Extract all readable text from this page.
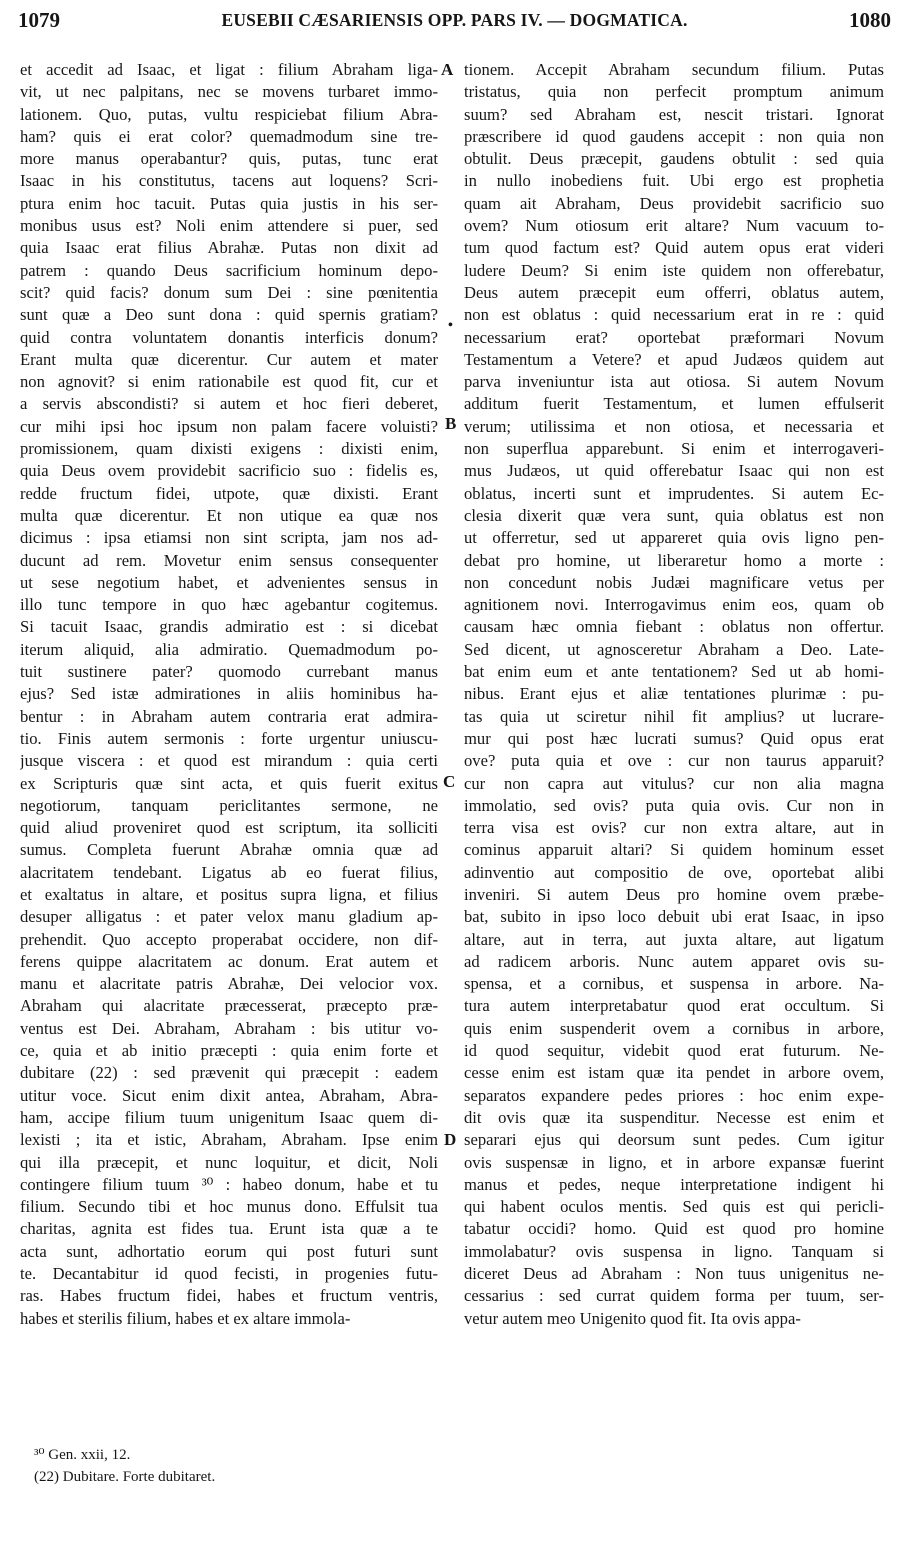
1079	EUSEBII CÆSARIENSIS OPP. PARS IV. — DOGMATICA.	1080
et accedit ad Isaac, et ligat : filium Abraham liga-
vit, ut nec palpitans, nec se movens turbaret immo-
lationem. Quo, putas, vultu respiciebat filium Abra-
ham? quis ei erat color? quemadmodum sine tre-
more manus operabantur? quis, putas, tunc erat
Isaac in his constitutus, tacens aut loquens? Scri-
ptura enim hoc tacuit. Putas quia justis in his ser-
monibus usus est? Noli enim attendere si puer, sed
quia Isaac erat filius Abrahæ. Putas non dixit ad
patrem : quando Deus sacrificium hominum depo-
scit? quid facis? donum sum Dei : sine pœnitentia
sunt quæ a Deo sunt dona : quid spernis gratiam?
quid contra voluntatem donantis interficis donum?
Erant multa quæ dicerentur. Cur autem et mater
non agnovit? si enim rationabile est quod fit, cur et
a servis abscondisti? si autem et hoc fieri deberet,
cur mihi ipsi hoc ipsum non palam facere voluisti?
promissionem, quam dixisti exigens : dixisti enim,
quia Deus ovem providebit sacrificio suo : fidelis es,
redde fructum fidei, utpote, quæ dixisti. Erant
multa quæ dicerentur. Et non utique ea quæ nos
dicimus : ipsa etiamsi non sint scripta, jam nos ad-
ducunt ad rem. Movetur enim sensus consequenter
ut sese negotium habet, et advenientes sensus in
illo tunc tempore in quo hæc agebantur cogitemus.
Si tacuit Isaac, grandis admiratio est : si dicebat
iterum aliquid, alia admiratio. Quemadmodum po-
tuit sustinere pater? quomodo currebant manus
ejus? Sed istæ admirationes in aliis hominibus ha-
bentur : in Abraham autem contraria erat admira-
tio. Finis autem sermonis : forte urgentur uniuscu-
jusque viscera : et quod est mirandum : quia certi
ex Scripturis quæ sint acta, et quis fuerit exitus
negotiorum, tanquam periclitantes sermone, ne
quid aliud proveniret quod est scriptum, ita solliciti
sumus. Completa fuerunt Abrahæ omnia quæ ad
alacritatem tendebant. Ligatus ab eo fuerat filius,
et exaltatus in altare, et positus supra ligna, et filius
desuper alligatus : et pater velox manu gladium ap-
prehendit. Quo accepto properabat occidere, non dif-
ferens quippe alacritatem ac donum. Erat autem et
manu et alacritate patris Abrahæ, Dei velocior vox.
Abraham qui alacritate præcesserat, præcepto præ-
ventus est Dei. Abraham, Abraham : bis utitur vo-
ce, quia et ab initio præcepti : quia enim forte et
dubitare (22) : sed prævenit qui præcepit : eadem
utitur voce. Sicut enim dixit antea, Abraham, Abra-
ham, accipe filium tuum unigenitum Isaac quem di-
lexisti ; ita et istic, Abraham, Abraham. Ipse enim
qui illa præcepit, et nunc loquitur, et dicit, Noli
contingere filium tuum ³⁰ : habeo donum, habe et tu
filium. Secundo tibi et hoc munus dono. Effulsit tua
charitas, agnita est fides tua. Erunt ista quæ a te
acta sunt, adhortatio eorum qui post futuri sunt
te. Decantabitur id quod fecisti, in progenies futu-
ras. Habes fructum fidei, habes et fructum ventris,
habes et sterilis filium, habes et ex altare immola-
A
•
B
C
D
tionem. Accepit Abraham secundum filium. Putas
tristatus, quia non perfecit promptum animum
suum? sed Abraham est, nescit tristari. Ignorat
præscribere id quod gaudens accepit : non quia non
obtulit. Deus præcepit, gaudens obtulit : sed quia
in nullo inobediens fuit. Ubi ergo est prophetia
quam ait Abraham, Deus providebit sacrificio suo
ovem? Num otiosum erit altare? Num vacuum to-
tum quod factum est? Quid autem opus erat videri
ludere Deum? Si enim iste quidem non offerebatur,
Deus autem præcepit eum offerri, oblatus autem,
non est oblatus : quid necessarium erat in re : quid
necessarium erat? oportebat præformari Novum
Testamentum a Vetere? et apud Judæos quidem aut
parva inveniuntur ista aut otiosa. Si autem Novum
additum fuerit Testamentum, et lumen effulserit
verum; utilissima et non otiosa, et necessaria et
non superflua apparebunt. Si enim et interrogaveri-
mus Judæos, ut quid offerebatur Isaac qui non est
oblatus, incerti sunt et imprudentes. Si autem Ec-
clesia dixerit quæ vera sunt, quia oblatus est non
ut offerretur, sed ut appareret quia ovis ligno pen-
debat pro homine, ut liberaretur homo a morte :
non concedunt nobis Judæi magnificare vetus per
agnitionem novi. Interrogavimus enim eos, quam ob
causam hæc omnia fiebant : oblatus non offertur.
Sed dicent, ut agnosceretur Abraham a Deo. Late-
bat enim eum et ante tentationem? Sed ut ab homi-
nibus. Erant ejus et aliæ tentationes plurimæ : pu-
tas quia ut sciretur nihil fit amplius? ut lucrare-
mur qui post hæc lucrati sumus? Quid opus erat
ove? puta quia et ove : cur non taurus apparuit?
cur non capra aut vitulus? cur non alia magna
immolatio, sed ovis? puta quia ovis. Cur non in
terra visa est ovis? cur non extra altare, aut in
cominus apparuit altari? Si quidem hominum esset
adinventio aut compositio de ove, oportebat alibi
inveniri. Si autem Deus pro homine ovem præbe-
bat, subito in ipso loco debuit ubi erat Isaac, in ipso
altare, aut in terra, aut juxta altare, aut ligatum
ad radicem arboris. Nunc autem apparet ovis su-
spensa, et a cornibus, et suspensa in arbore. Na-
tura autem interpretabatur quod erat occultum. Si
quis enim suspenderit ovem a cornibus in arbore,
id quod sequitur, videbit quod erat futurum. Ne-
cesse enim est istam quæ ita pendet in arbore ovem,
separatos expandere pedes priores : hoc enim expe-
dit ovis quæ ita suspenditur. Necesse est enim et
separari ejus qui deorsum sunt pedes. Cum igitur
ovis suspensæ in ligno, et in arbore expansæ fuerint
manus et pedes, neque interpretatione indigent hi
qui habent oculos mentis. Sed quis est qui pericli-
tabatur occidi? homo. Quid est quod pro homine
immolabatur? ovis suspensa in ligno. Tanquam si
diceret Deus ad Abraham : Non tuus unigenitus ne-
cessarius : sed currat quidem forma per tuum, ser-
vetur autem meo Unigenito quod fit. Ita ovis appa-
³⁰ Gen. xxii, 12.
(22) Dubitare. Forte dubitaret.
